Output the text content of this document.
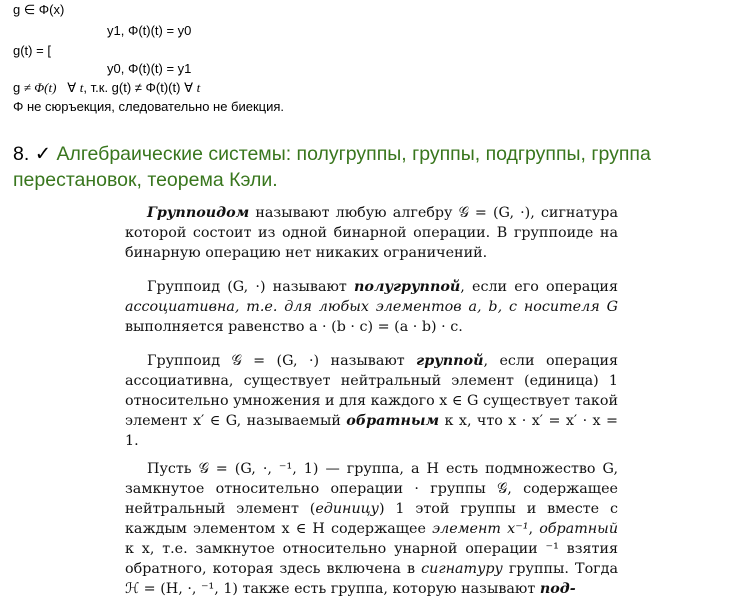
g ∈ Φ(x)
y1, Φ(t)(t) = y0
g(t) = [
y0, Φ(t)(t) = y1
g ≠ Φ(t) ∀ t, т.к. g(t) ≠ Φ(t)(t) ∀ t
Φ не сюръекция, следовательно не биекция.
8. ✓ Алгебраические системы: полугруппы, группы, подгруппы, группа перестановок, теорема Кэли.

Группоидом называют любую алгебру 𝒢 = (G, ·), сигнатура которой состоит из одной бинарной операции. В группоиде на бинарную операцию нет никаких ограничений.

Группоид (G, ·) называют полугруппой, если его операция ассоциативна, т.е. для любых элементов a, b, c носителя G выполняется равенство a · (b · c) = (a · b) · c.

Группоид 𝒢 = (G, ·) называют группой, если операция ассоциативна, существует нейтральный элемент (единица) 1 относительно умножения и для каждого x ∈ G существует такой элемент x′ ∈ G, называемый обратным к x, что x · x′ = x′ · x = 1.

Пусть 𝒢 = (G, ·, ⁻¹, 1) — группа, а H есть подмножество G, замкнутое относительно операции · группы 𝒢, содержащее нейтральный элемент (единицу) 1 этой группы и вместе с каждым элементом x ∈ H содержащее элемент x⁻¹, обратный к x, т.е. замкнутое относительно унарной операции ⁻¹ взятия обратного, которая здесь включена в сигнатуру группы. Тогда ℋ = (H, ·, ⁻¹, 1) также есть группа, которую называют под-
